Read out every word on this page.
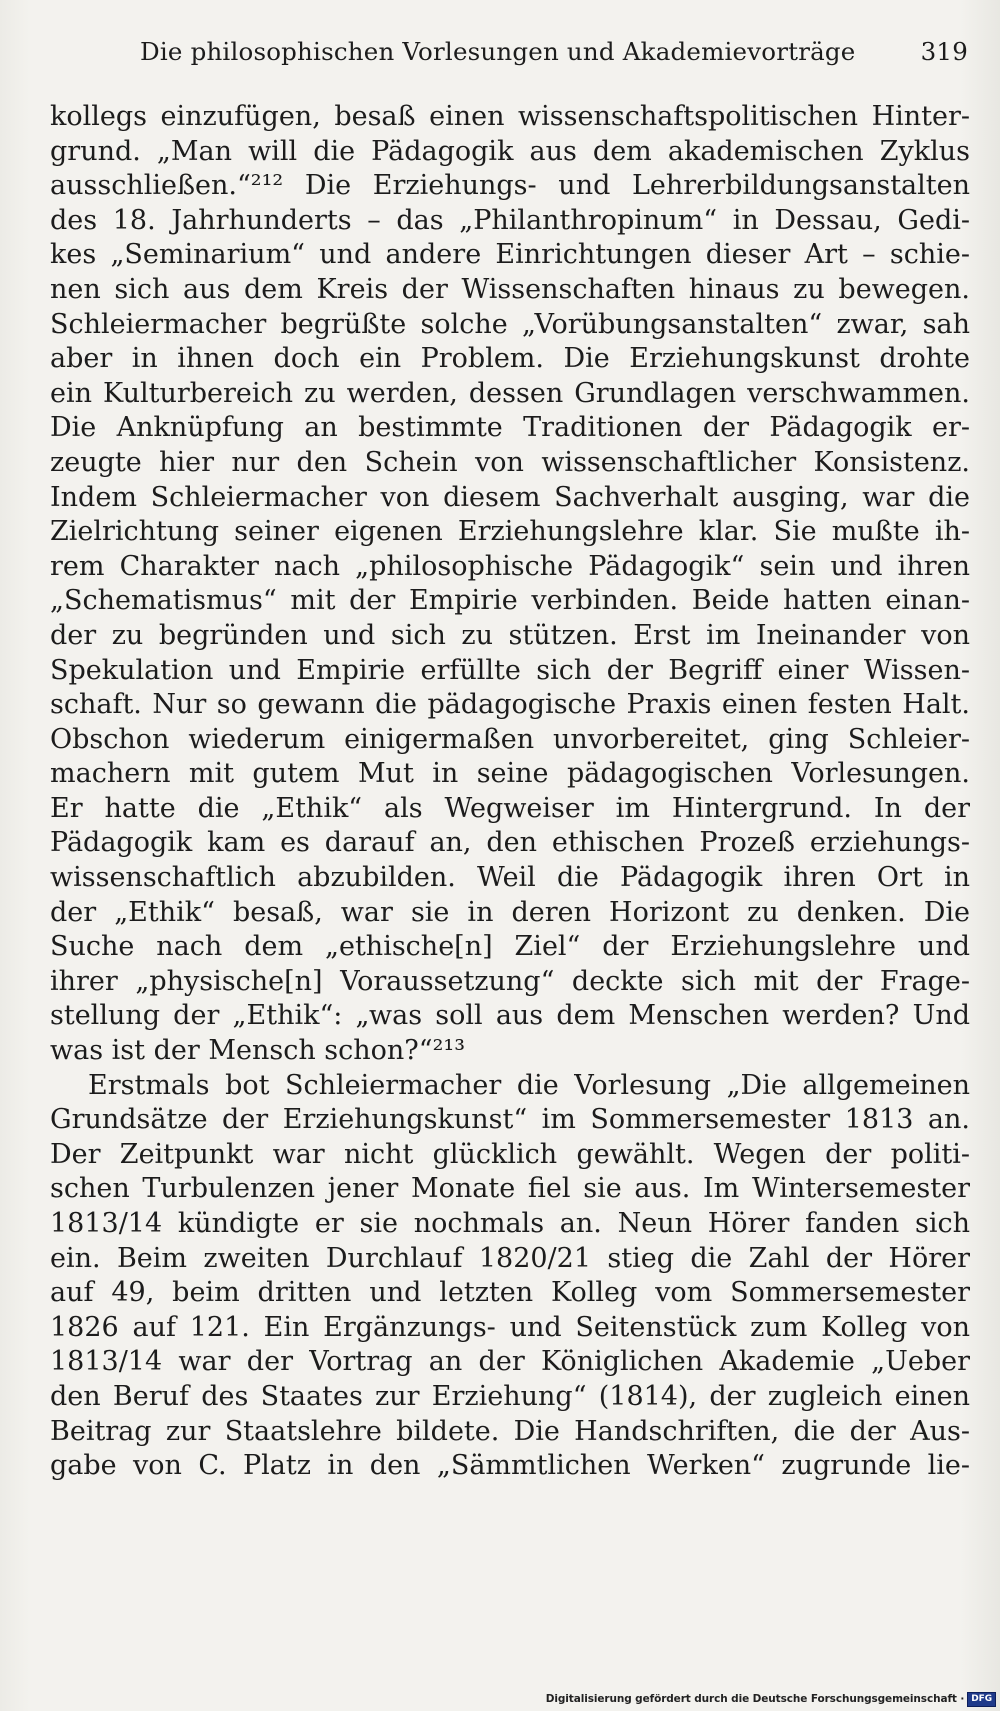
Die philosophischen Vorlesungen und Akademievorträge	319
kollegs einzufügen, besaß einen wissenschaftspolitischen Hinter-
grund. „Man will die Pädagogik aus dem akademischen Zyklus
ausschließen.“²¹² Die Erziehungs- und Lehrerbildungsanstalten
des 18. Jahrhunderts – das „Philanthropinum“ in Dessau, Gedi-
kes „Seminarium“ und andere Einrichtungen dieser Art – schie-
nen sich aus dem Kreis der Wissenschaften hinaus zu bewegen.
Schleiermacher begrüßte solche „Vorübungsanstalten“ zwar, sah
aber in ihnen doch ein Problem. Die Erziehungskunst drohte
ein Kulturbereich zu werden, dessen Grundlagen verschwammen.
Die Anknüpfung an bestimmte Traditionen der Pädagogik er-
zeugte hier nur den Schein von wissenschaftlicher Konsistenz.
Indem Schleiermacher von diesem Sachverhalt ausging, war die
Zielrichtung seiner eigenen Erziehungslehre klar. Sie mußte ih-
rem Charakter nach „philosophische Pädagogik“ sein und ihren
„Schematismus“ mit der Empirie verbinden. Beide hatten einan-
der zu begründen und sich zu stützen. Erst im Ineinander von
Spekulation und Empirie erfüllte sich der Begriff einer Wissen-
schaft. Nur so gewann die pädagogische Praxis einen festen Halt.
Obschon wiederum einigermaßen unvorbereitet, ging Schleier-
machern mit gutem Mut in seine pädagogischen Vorlesungen.
Er hatte die „Ethik“ als Wegweiser im Hintergrund. In der
Pädagogik kam es darauf an, den ethischen Prozeß erziehungs-
wissenschaftlich abzubilden. Weil die Pädagogik ihren Ort in
der „Ethik“ besaß, war sie in deren Horizont zu denken. Die
Suche nach dem „ethische[n] Ziel“ der Erziehungslehre und
ihrer „physische[n] Voraussetzung“ deckte sich mit der Frage-
stellung der „Ethik“: „was soll aus dem Menschen werden? Und
was ist der Mensch schon?“²¹³
Erstmals bot Schleiermacher die Vorlesung „Die allgemeinen
Grundsätze der Erziehungskunst“ im Sommersemester 1813 an.
Der Zeitpunkt war nicht glücklich gewählt. Wegen der politi-
schen Turbulenzen jener Monate fiel sie aus. Im Wintersemester
1813/14 kündigte er sie nochmals an. Neun Hörer fanden sich
ein. Beim zweiten Durchlauf 1820/21 stieg die Zahl der Hörer
auf 49, beim dritten und letzten Kolleg vom Sommersemester
1826 auf 121. Ein Ergänzungs- und Seitenstück zum Kolleg von
1813/14 war der Vortrag an der Königlichen Akademie „Ueber
den Beruf des Staates zur Erziehung“ (1814), der zugleich einen
Beitrag zur Staatslehre bildete. Die Handschriften, die der Aus-
gabe von C. Platz in den „Sämmtlichen Werken“ zugrunde lie-
Digitalisierung gefördert durch die Deutsche Forschungsgemeinschaft · DFG
